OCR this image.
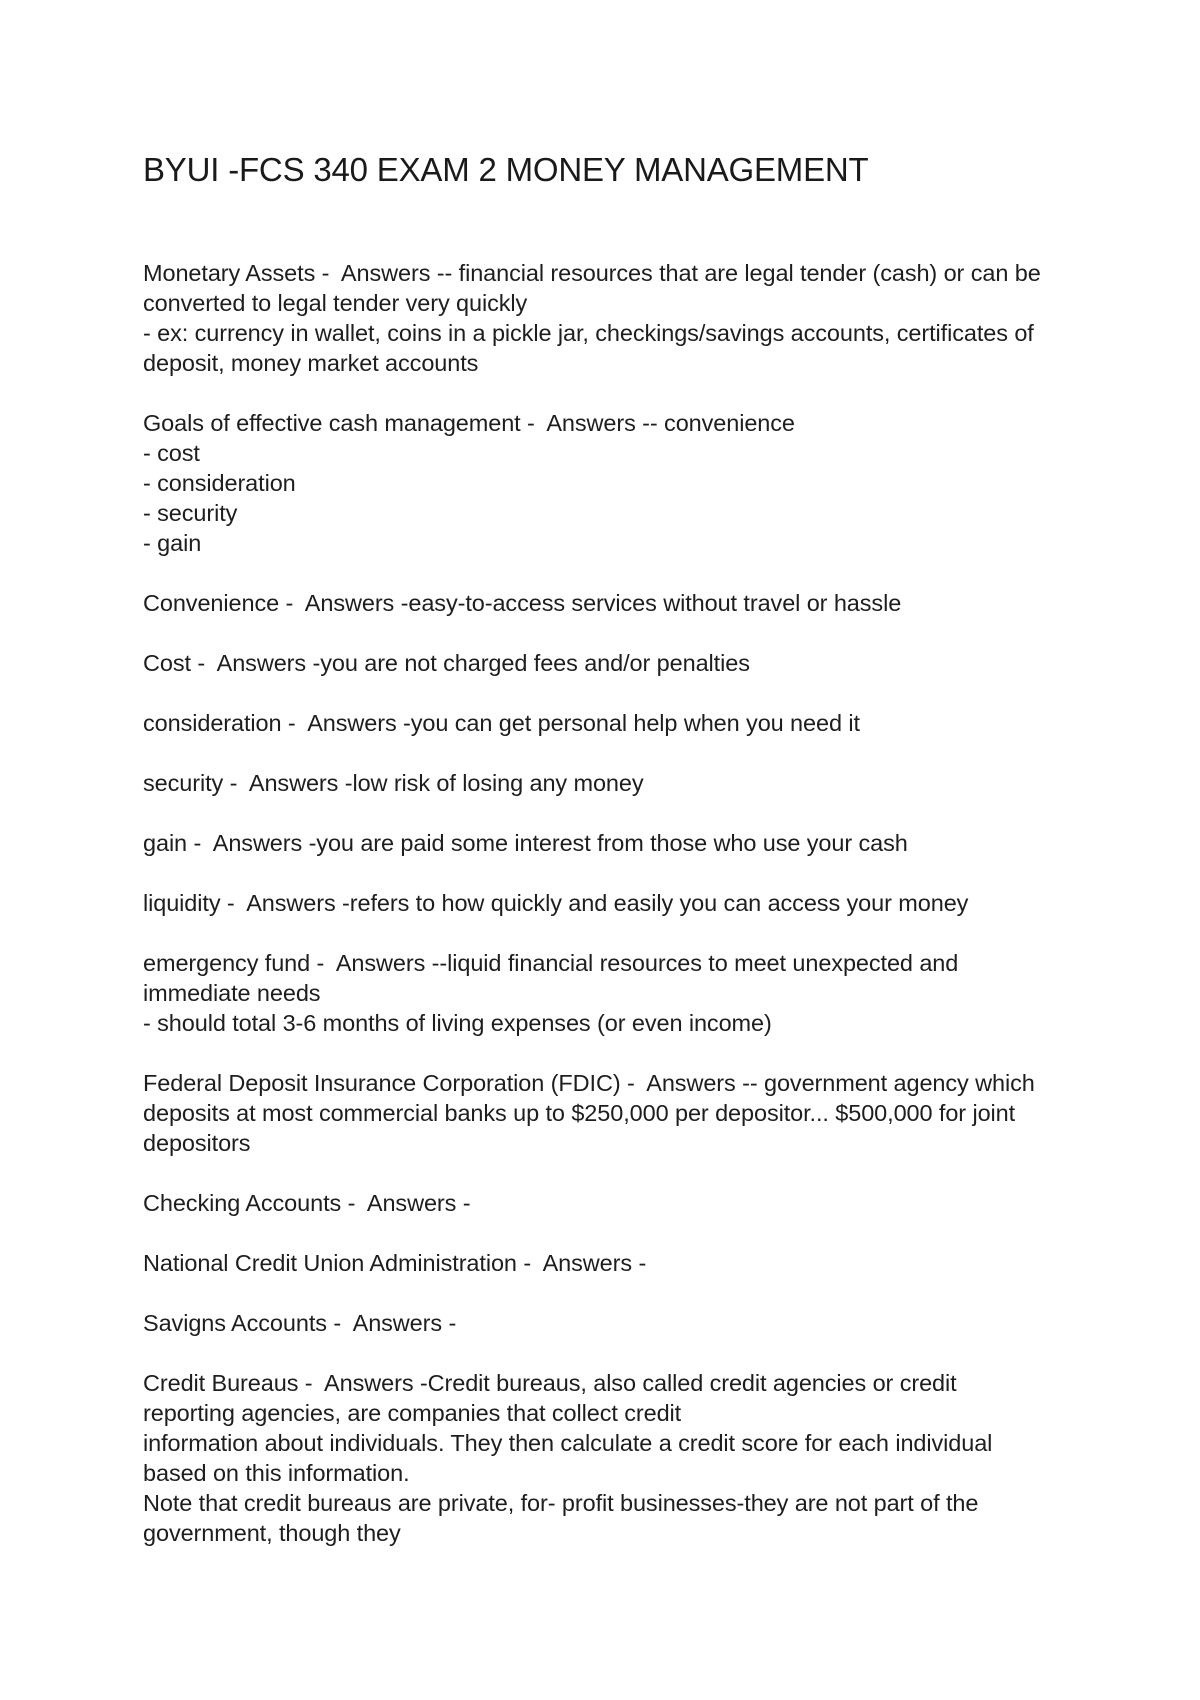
BYUI -FCS 340 EXAM 2 MONEY MANAGEMENT
Monetary Assets -  Answers -- financial resources that are legal tender (cash) or can be
converted to legal tender very quickly
- ex: currency in wallet, coins in a pickle jar, checkings/savings accounts, certificates of
deposit, money market accounts
Goals of effective cash management -  Answers -- convenience
- cost
- consideration
- security
- gain
Convenience -  Answers -easy-to-access services without travel or hassle
Cost -  Answers -you are not charged fees and/or penalties
consideration -  Answers -you can get personal help when you need it
security -  Answers -low risk of losing any money
gain -  Answers -you are paid some interest from those who use your cash
liquidity -  Answers -refers to how quickly and easily you can access your money
emergency fund -  Answers --liquid financial resources to meet unexpected and
immediate needs
- should total 3-6 months of living expenses (or even income)
Federal Deposit Insurance Corporation (FDIC) -  Answers -- government agency which
deposits at most commercial banks up to $250,000 per depositor... $500,000 for joint
depositors
Checking Accounts -  Answers -
National Credit Union Administration -  Answers -
Savigns Accounts -  Answers -
Credit Bureaus -  Answers -Credit bureaus, also called credit agencies or credit
reporting agencies, are companies that collect credit
information about individuals. They then calculate a credit score for each individual
based on this information.
Note that credit bureaus are private, for- profit businesses-they are not part of the
government, though they
